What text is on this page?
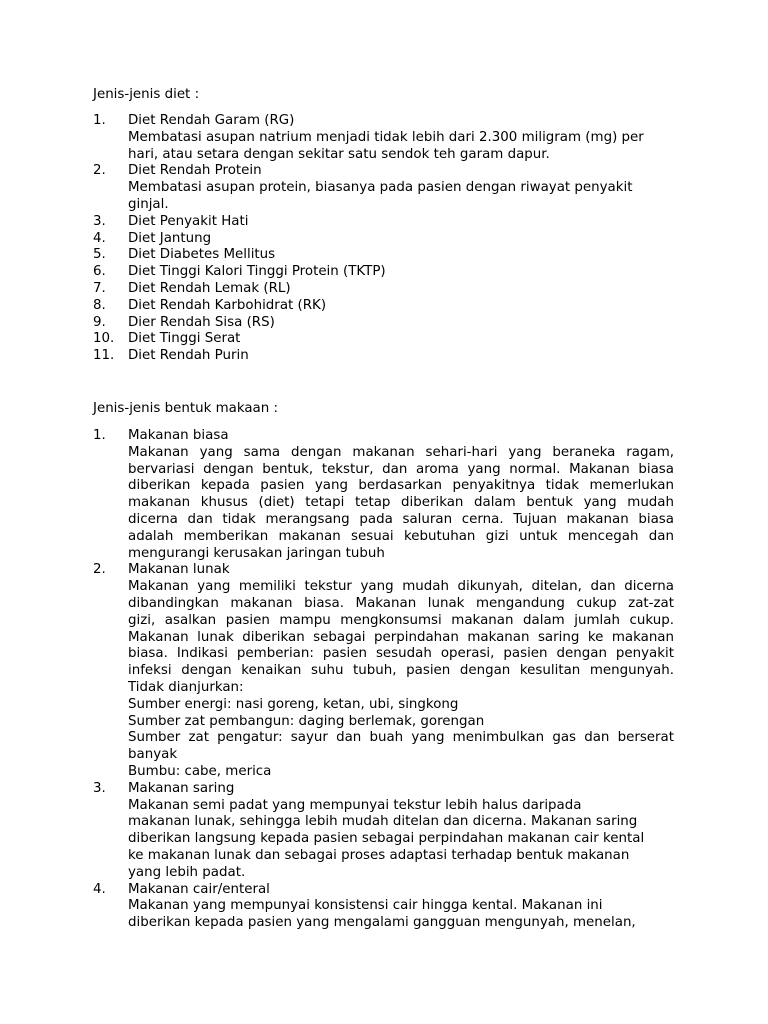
Jenis-jenis diet :
1. Diet Rendah Garam (RG)
Membatasi asupan natrium menjadi tidak lebih dari 2.300 miligram (mg) per
hari, atau setara dengan sekitar satu sendok teh garam dapur.
2. Diet Rendah Protein
Membatasi asupan protein, biasanya pada pasien dengan riwayat penyakit
ginjal.
3. Diet Penyakit Hati
4. Diet Jantung
5. Diet Diabetes Mellitus
6. Diet Tinggi Kalori Tinggi Protein (TKTP)
7. Diet Rendah Lemak (RL)
8. Diet Rendah Karbohidrat (RK)
9. Dier Rendah Sisa (RS)
10. Diet Tinggi Serat
11. Diet Rendah Purin
Jenis-jenis bentuk makaan :
1. Makanan biasa
Makanan yang sama dengan makanan sehari-hari yang beraneka ragam,
bervariasi dengan bentuk, tekstur, dan aroma yang normal. Makanan biasa
diberikan kepada pasien yang berdasarkan penyakitnya tidak memerlukan
makanan khusus (diet) tetapi tetap diberikan dalam bentuk yang mudah
dicerna dan tidak merangsang pada saluran cerna. Tujuan makanan biasa
adalah memberikan makanan sesuai kebutuhan gizi untuk mencegah dan
mengurangi kerusakan jaringan tubuh
2. Makanan lunak
Makanan yang memiliki tekstur yang mudah dikunyah, ditelan, dan dicerna
dibandingkan makanan biasa. Makanan lunak mengandung cukup zat-zat
gizi, asalkan pasien mampu mengkonsumsi makanan dalam jumlah cukup.
Makanan lunak diberikan sebagai perpindahan makanan saring ke makanan
biasa. Indikasi pemberian: pasien sesudah operasi, pasien dengan penyakit
infeksi dengan kenaikan suhu tubuh, pasien dengan kesulitan mengunyah.
Tidak dianjurkan:
Sumber energi: nasi goreng, ketan, ubi, singkong
Sumber zat pembangun: daging berlemak, gorengan
Sumber zat pengatur: sayur dan buah yang menimbulkan gas dan berserat
banyak
Bumbu: cabe, merica
3. Makanan saring
Makanan semi padat yang mempunyai tekstur lebih halus daripada
makanan lunak, sehingga lebih mudah ditelan dan dicerna. Makanan saring
diberikan langsung kepada pasien sebagai perpindahan makanan cair kental
ke makanan lunak dan sebagai proses adaptasi terhadap bentuk makanan
yang lebih padat.
4. Makanan cair/enteral
Makanan yang mempunyai konsistensi cair hingga kental. Makanan ini
diberikan kepada pasien yang mengalami gangguan mengunyah, menelan,
